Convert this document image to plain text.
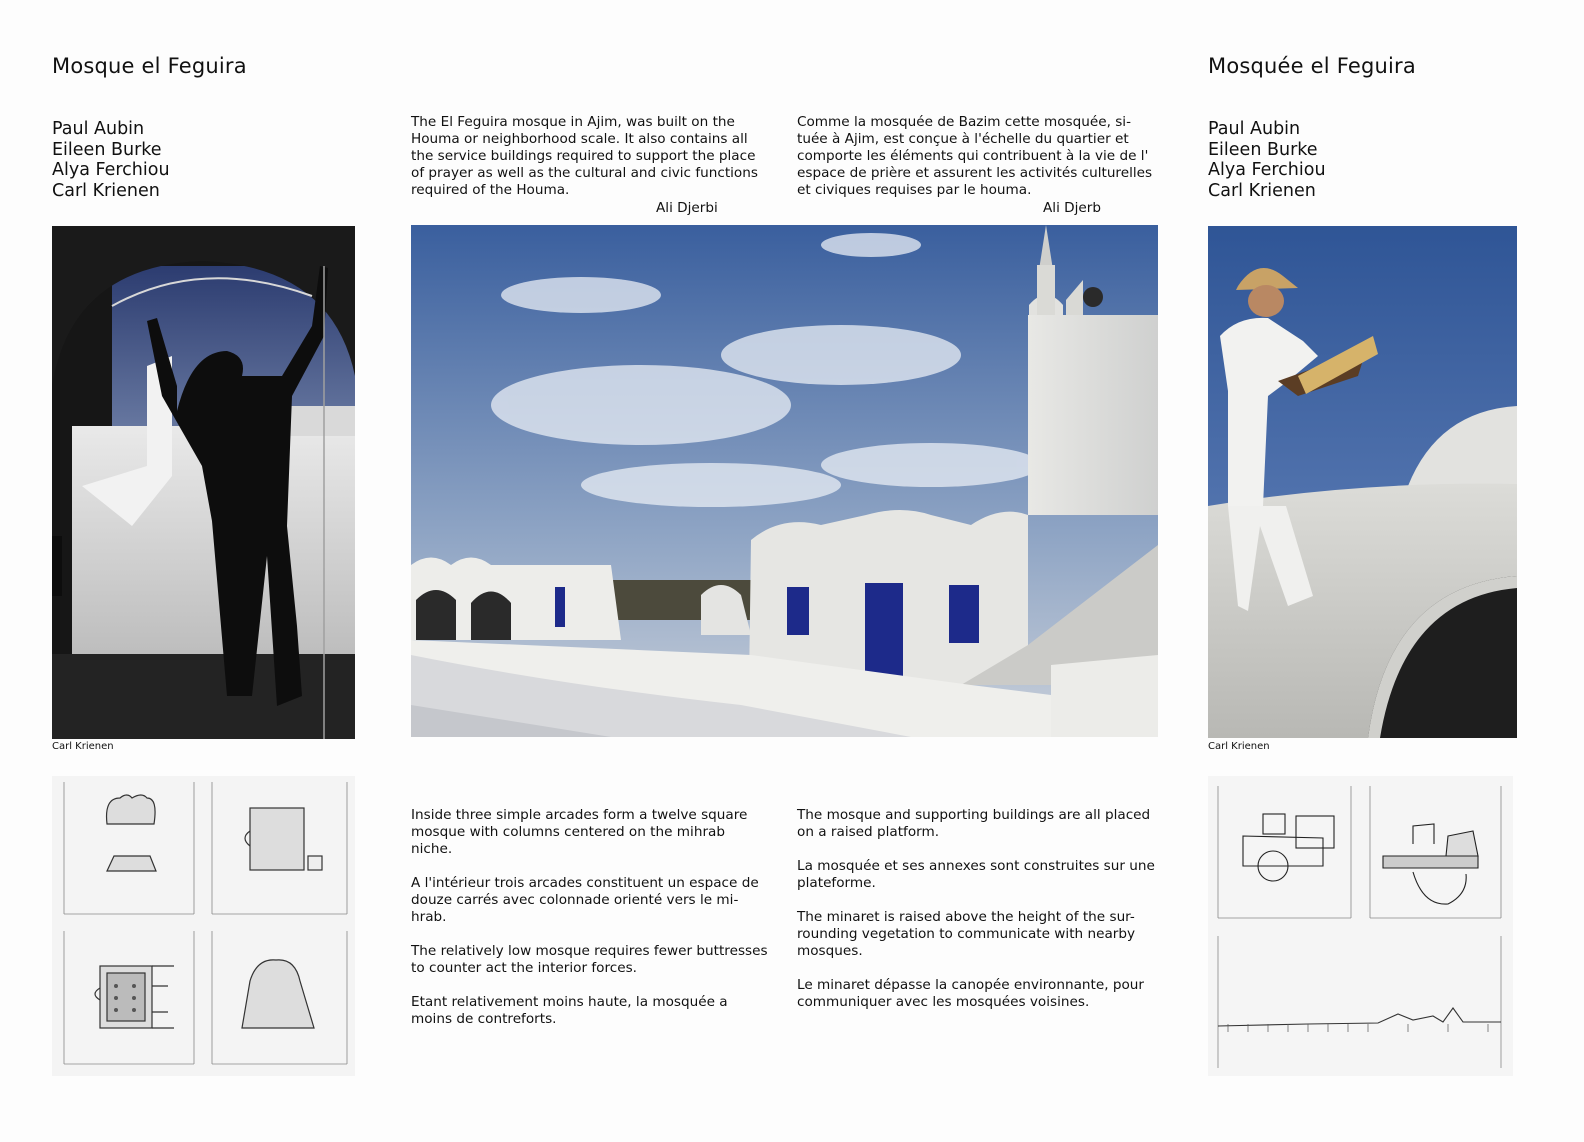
Mosque el Feguira
Paul Aubin
Eileen Burke
Alya Ferchiou
Carl Krienen
Carl Krienen
The El Feguira mosque in Ajim, was built on the Houma or neighborhood scale. It also contains all the service buildings required to support the place of prayer as well as the cultural and civic functions required of the Houma.
Ali Djerbi
Comme la mosquée de Bazim cette mosquée, si-tuée à Ajim, est conçue à l'échelle du quartier et comporte les éléments qui contribuent à la vie de l' espace de prière et assurent les activités culturelles et civiques requises par le houma.
Ali Djerb

Inside three simple arcades form a twelve square mosque with columns centered on the mihrab niche.

A l'intérieur trois arcades constituent un espace de douze carrés avec colonnade orienté vers le mi-hrab.

The relatively low mosque requires fewer buttresses to counter act the interior forces.

Etant relativement moins haute, la mosquée a moins de contreforts.

The mosque and supporting buildings are all placed on a raised platform.

La mosquée et ses annexes sont construites sur une plateforme.

The minaret is raised above the height of the sur-rounding vegetation to communicate with nearby mosques.

Le minaret dépasse la canopée environnante, pour communiquer avec les mosquées voisines.

Mosquée el Feguira
Paul Aubin
Eileen Burke
Alya Ferchiou
Carl Krienen
Carl Krienen
